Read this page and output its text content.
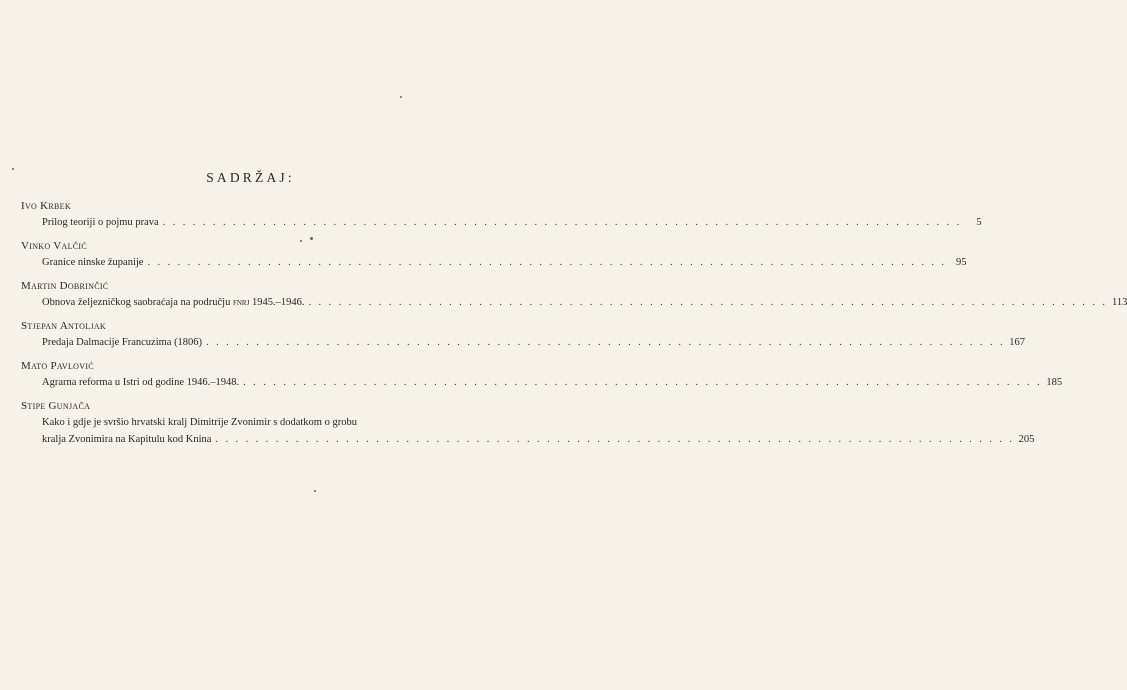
SADRŽAJ:
Ivo Krbek
Prilog teoriji o pojmu prava . . . . . . . . . . . . . . . . . . . . . . . . . . . . . . . . . . . . . . . . . . . . . . . . . . . . . . . . . . . . . . . . . . . . . . . . . . . . . . . .	5
Vinko Valčić
Granice ninske županije . . . . . . . . . . . . . . . . . . . . . . . . . . . . . . . . . . . . . . . . . . . . . . . . . . . . . . . . . . . . . . . . . . . . . . . . . . . . . . . . 95
Martin Dobrinčić
Obnova željezničkog saobraćaja na području fnrj 1945.–1946. . . . . . . . . . . . . . . . . . . . . . . . . . . . . . . . . . . . . . . . . . . . . . . . . . . . . . . . . . . . . . . . . . . . . . . . . . . . . . . . . 113
Stjepan Antoljak
Predaja Dalmacije Francuzima (1806) . . . . . . . . . . . . . . . . . . . . . . . . . . . . . . . . . . . . . . . . . . . . . . . . . . . . . . . . . . . . . . . . . . . . . . . . . . . . . . . . 167
Mato Pavlović
Agrarna reforma u Istri od godine 1946.–1948. . . . . . . . . . . . . . . . . . . . . . . . . . . . . . . . . . . . . . . . . . . . . . . . . . . . . . . . . . . . . . . . . . . . . . . . . . . . . . . . . 185
Stipe Gunjača
Kako i gdje je svršio hrvatski kralj Dimitrije Zvonimir s dodatkom o grobu
kralja Zvonimira na Kapitulu kod Knina . . . . . . . . . . . . . . . . . . . . . . . . . . . . . . . . . . . . . . . . . . . . . . . . . . . . . . . . . . . . . . . . . . . . . . . . . . . . . . . . 205
